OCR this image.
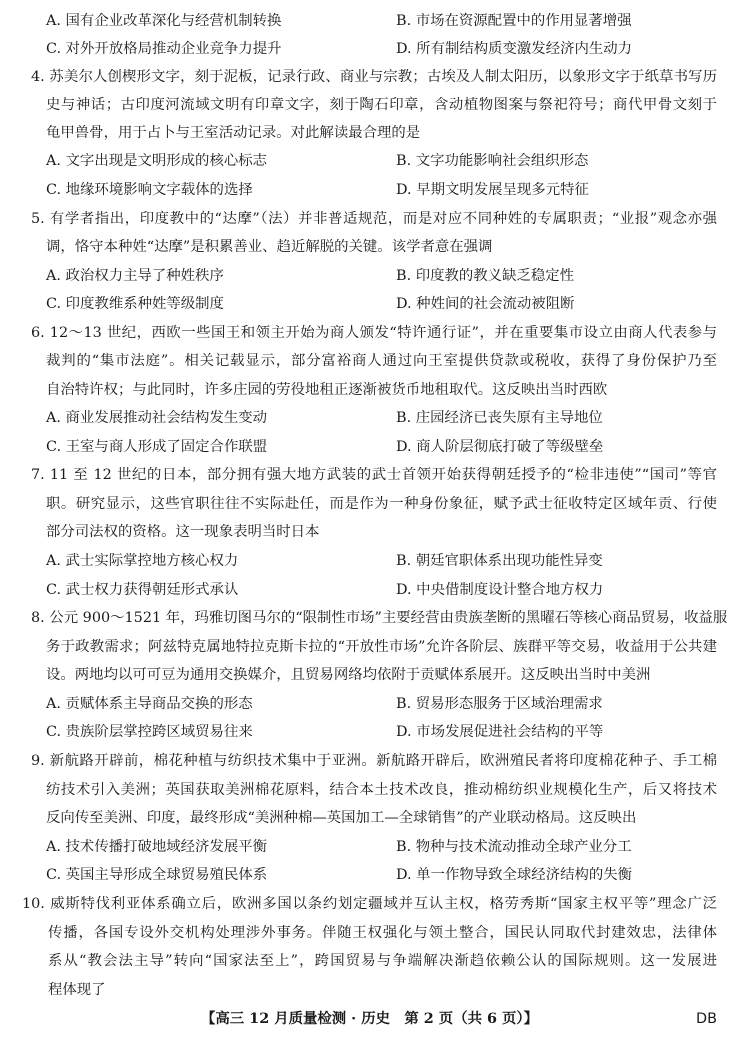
A. 国有企业改革深化与经营机制转换	B. 市场在资源配置中的作用显著增强
C. 对外开放格局推动企业竞争力提升	D. 所有制结构质变激发经济内生动力
4. 苏美尔人创楔形文字，刻于泥板，记录行政、商业与宗教；古埃及人制太阳历，以象形文字于纸草书写历
史与神话；古印度河流域文明有印章文字，刻于陶石印章，含动植物图案与祭祀符号；商代甲骨文刻于
龟甲兽骨，用于占卜与王室活动记录。对此解读最合理的是
A. 文字出现是文明形成的核心标志	B. 文字功能影响社会组织形态
C. 地缘环境影响文字载体的选择	D. 早期文明发展呈现多元特征
5. 有学者指出，印度教中的“达摩”（法）并非普适规范，而是对应不同种姓的专属职责；“业报”观念亦强
调，恪守本种姓“达摩”是积累善业、趋近解脱的关键。该学者意在强调
A. 政治权力主导了种姓秩序	B. 印度教的教义缺乏稳定性
C. 印度教维系种姓等级制度	D. 种姓间的社会流动被阻断
6. 12～13 世纪，西欧一些国王和领主开始为商人颁发“特许通行证”，并在重要集市设立由商人代表参与
裁判的“集市法庭”。相关记载显示，部分富裕商人通过向王室提供贷款或税收，获得了身份保护乃至
自治特许权；与此同时，许多庄园的劳役地租正逐渐被货币地租取代。这反映出当时西欧
A. 商业发展推动社会结构发生变动	B. 庄园经济已丧失原有主导地位
C. 王室与商人形成了固定合作联盟	D. 商人阶层彻底打破了等级壁垒
7. 11 至 12 世纪的日本，部分拥有强大地方武装的武士首领开始获得朝廷授予的“检非违使”“国司”等官
职。研究显示，这些官职往往不实际赴任，而是作为一种身份象征，赋予武士征收特定区域年贡、行使
部分司法权的资格。这一现象表明当时日本
A. 武士实际掌控地方核心权力	B. 朝廷官职体系出现功能性异变
C. 武士权力获得朝廷形式承认	D. 中央借制度设计整合地方权力
8. 公元 900～1521 年，玛雅切图马尔的“限制性市场”主要经营由贵族垄断的黑曜石等核心商品贸易，收益服
务于政教需求；阿兹特克属地特拉克斯卡拉的“开放性市场”允许各阶层、族群平等交易，收益用于公共建
设。两地均以可可豆为通用交换媒介，且贸易网络均依附于贡赋体系展开。这反映出当时中美洲
A. 贡赋体系主导商品交换的形态	B. 贸易形态服务于区域治理需求
C. 贵族阶层掌控跨区域贸易往来	D. 市场发展促进社会结构的平等
9. 新航路开辟前，棉花种植与纺织技术集中于亚洲。新航路开辟后，欧洲殖民者将印度棉花种子、手工棉
纺技术引入美洲；英国获取美洲棉花原料，结合本土技术改良，推动棉纺织业规模化生产，后又将技术
反向传至美洲、印度，最终形成“美洲种棉—英国加工—全球销售”的产业联动格局。这反映出
A. 技术传播打破地域经济发展平衡	B. 物种与技术流动推动全球产业分工
C. 英国主导形成全球贸易殖民体系	D. 单一作物导致全球经济结构的失衡
10. 威斯特伐利亚体系确立后，欧洲多国以条约划定疆域并互认主权，格劳秀斯“国家主权平等”理念广泛
传播，各国专设外交机构处理涉外事务。伴随王权强化与领土整合，国民认同取代封建效忠，法律体
系从“教会法主导”转向“国家法至上”，跨国贸易与争端解决渐趋依赖公认的国际规则。这一发展进
程体现了
【高三 12 月质量检测 · 历史　第 2 页（共 6 页）】	DB
